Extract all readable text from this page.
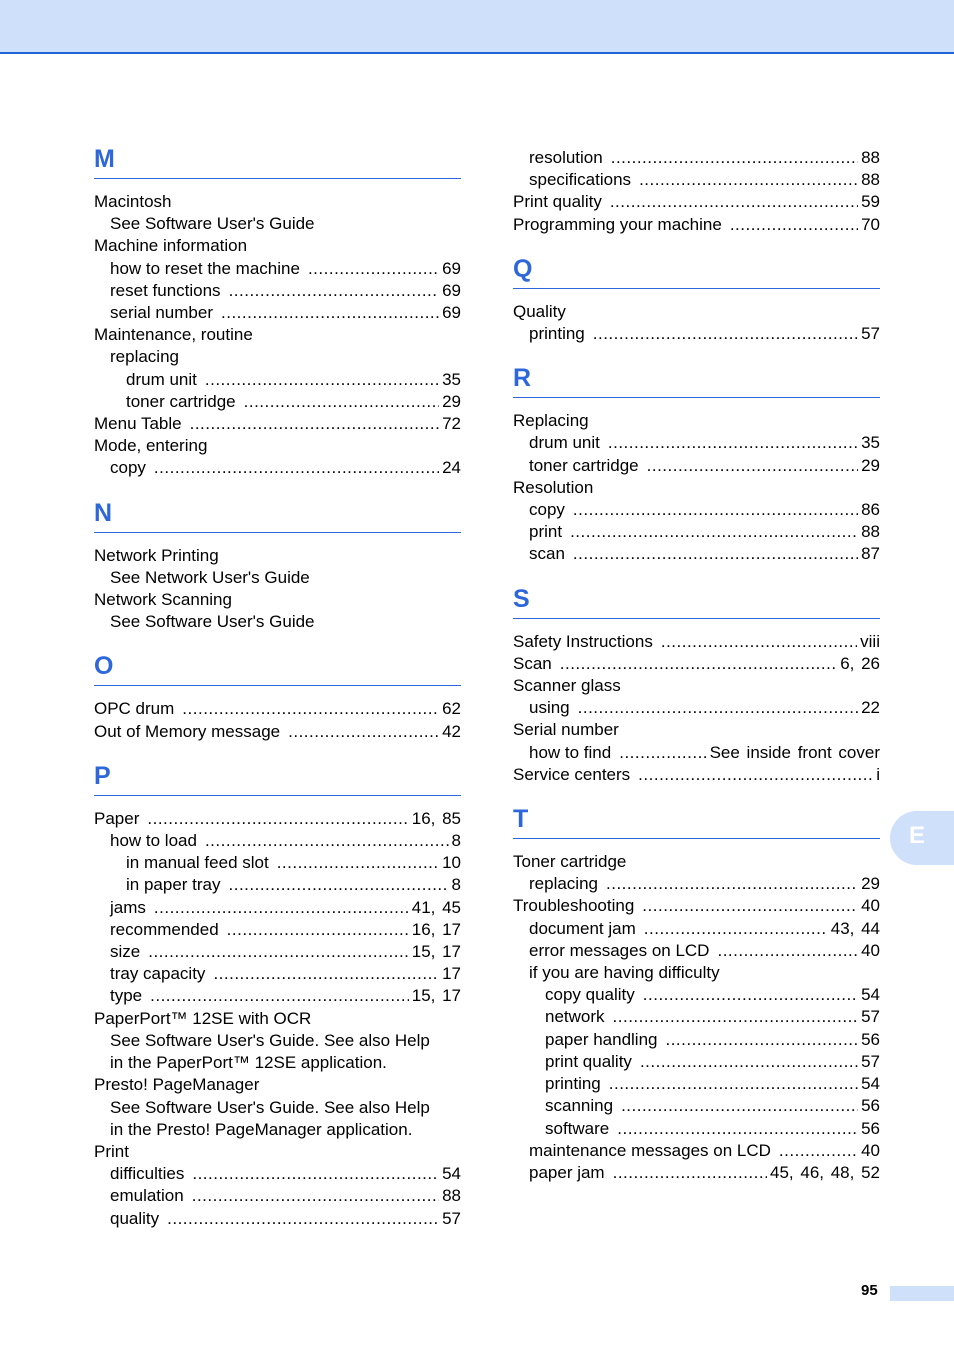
M
Macintosh
See Software User's Guide
Machine information
how to reset the machine .....	69
reset functions .....	69
serial number .....	69
Maintenance, routine
replacing
drum unit .....	35
toner cartridge .....	29
Menu Table .....	72
Mode, entering
copy .....	24
N
Network Printing
See Network User's Guide
Network Scanning
See Software User's Guide
O
OPC drum .....	62
Out of Memory message .....	42
P
Paper .....	16, 85
how to load .....	8
in manual feed slot .....	10
in paper tray .....	8
jams .....	41, 45
recommended .....	16, 17
size .....	15, 17
tray capacity .....	17
type .....	15, 17
PaperPort™ 12SE with OCR
See Software User's Guide. See also Help
in the PaperPort™ 12SE application.
Presto! PageManager
See Software User's Guide. See also Help
in the Presto! PageManager application.
Print
difficulties .....	54
emulation .....	88
quality .....	57
resolution .....	88
specifications .....	88
Print quality .....	59
Programming your machine .....	70
Q
Quality
printing .....	57
R
Replacing
drum unit .....	35
toner cartridge .....	29
Resolution
copy .....	86
print .....	88
scan .....	87
S
Safety Instructions .....	viii
Scan .....	6, 26
Scanner glass
using .....	22
Serial number
how to find .....	See inside front cover
Service centers .....	i
T
Toner cartridge
replacing .....	29
Troubleshooting .....	40
document jam .....	43, 44
error messages on LCD .....	40
if you are having difficulty
copy quality .....	54
network .....	57
paper handling .....	56
print quality .....	57
printing .....	54
scanning .....	56
software .....	56
maintenance messages on LCD .....	40
paper jam .....	45, 46, 48, 52
E
95
